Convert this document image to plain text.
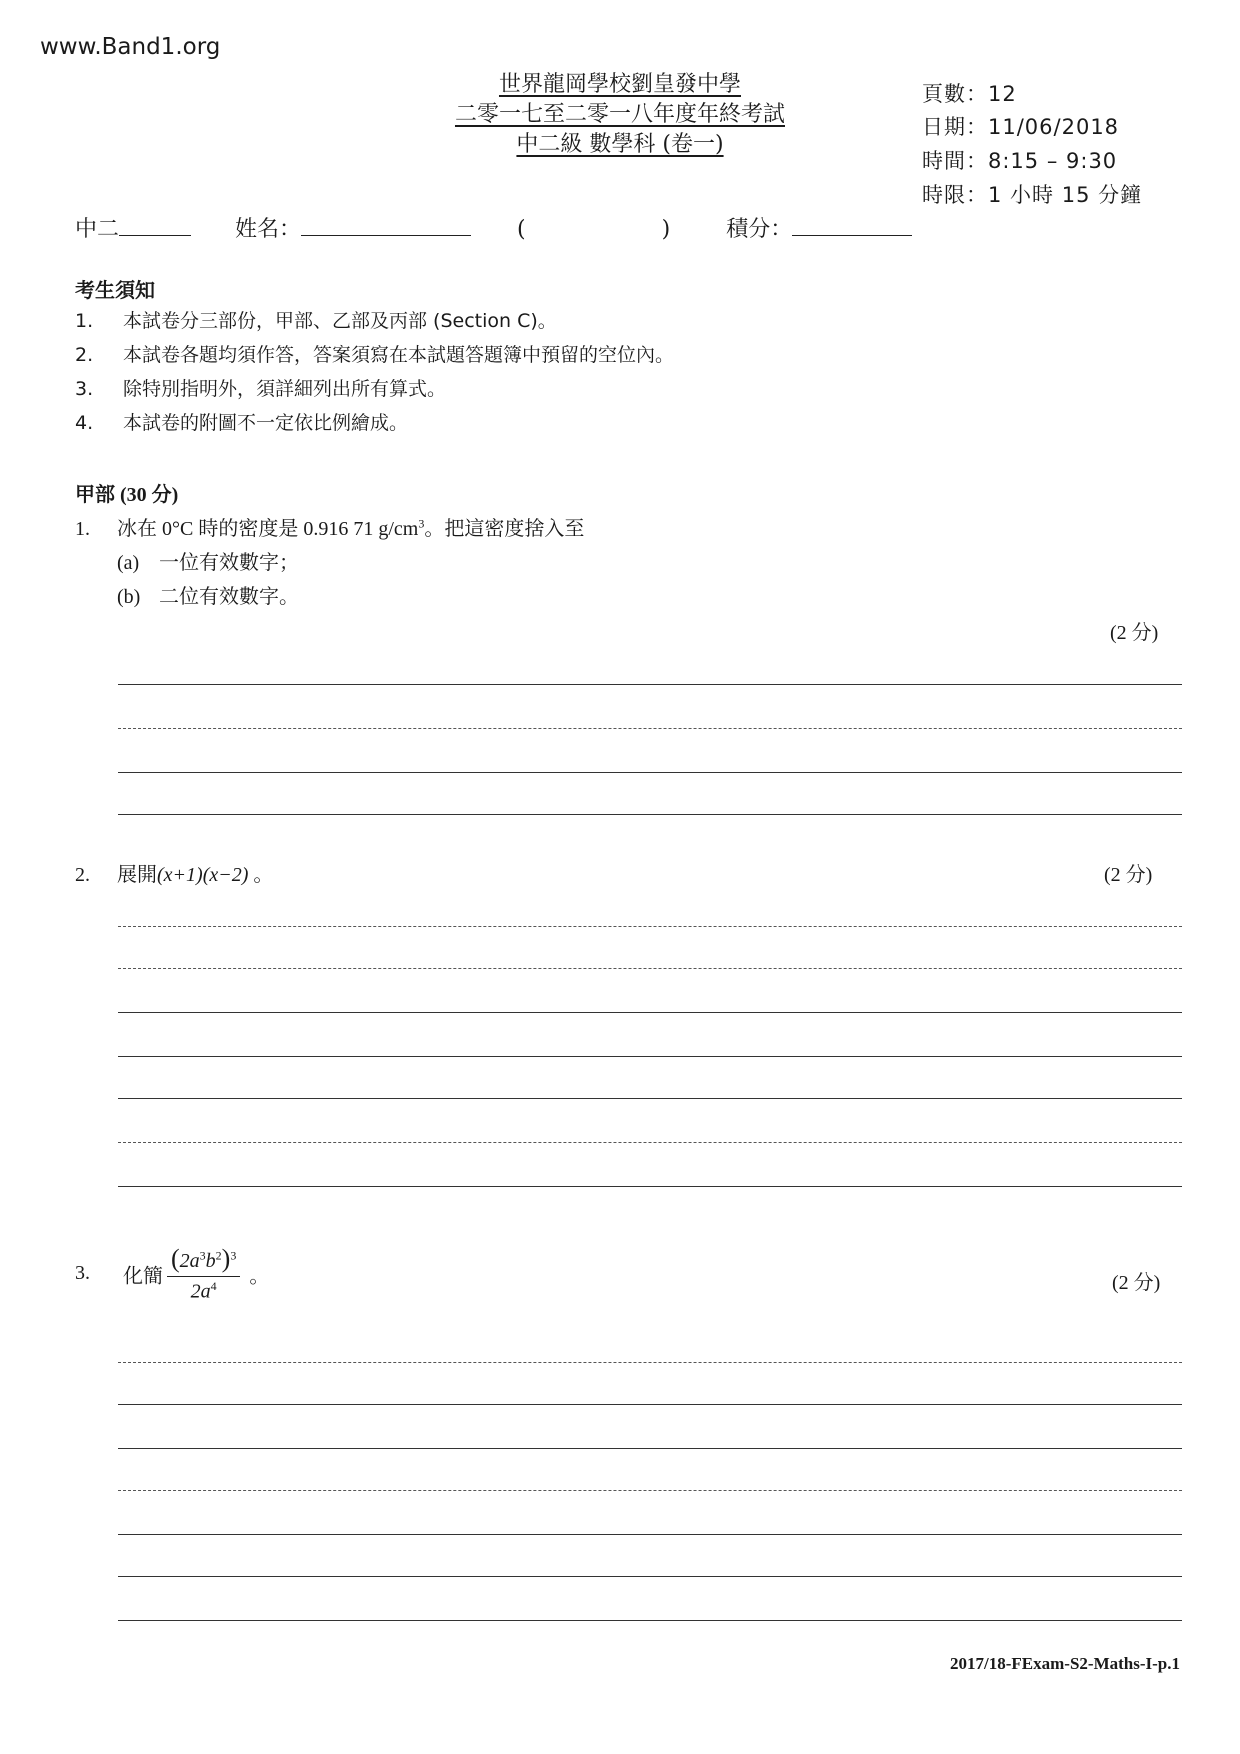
www.Band1.org
世界龍岡學校劉皇發中學
二零一七至二零一八年度年終考試
中二級 數學科 (卷一)
頁數：12
日期：11/06/2018
時間：8:15 – 9:30
時限：1 小時 15 分鐘
中二	姓名：	(	)	積分：
考生須知
1. 本試卷分三部份，甲部、乙部及丙部 (Section C)。
2. 本試卷各題均須作答，答案須寫在本試題答題簿中預留的空位內。
3. 除特別指明外，須詳細列出所有算式。
4. 本試卷的附圖不一定依比例繪成。
甲部 (30 分)
1. 冰在 0°C 時的密度是 0.916 71 $g/cm^3$。把這密度捨入至
(a) 一位有效數字；
(b) 二位有效數字。
(2 分)
2. 展開(x+1)(x−2) 。	(2 分)
3. 化簡 $\frac{(2a^3b^2)^3}{2a^4}$ 。	(2 分)
2017/18-FExam-S2-Maths-I-p.1
